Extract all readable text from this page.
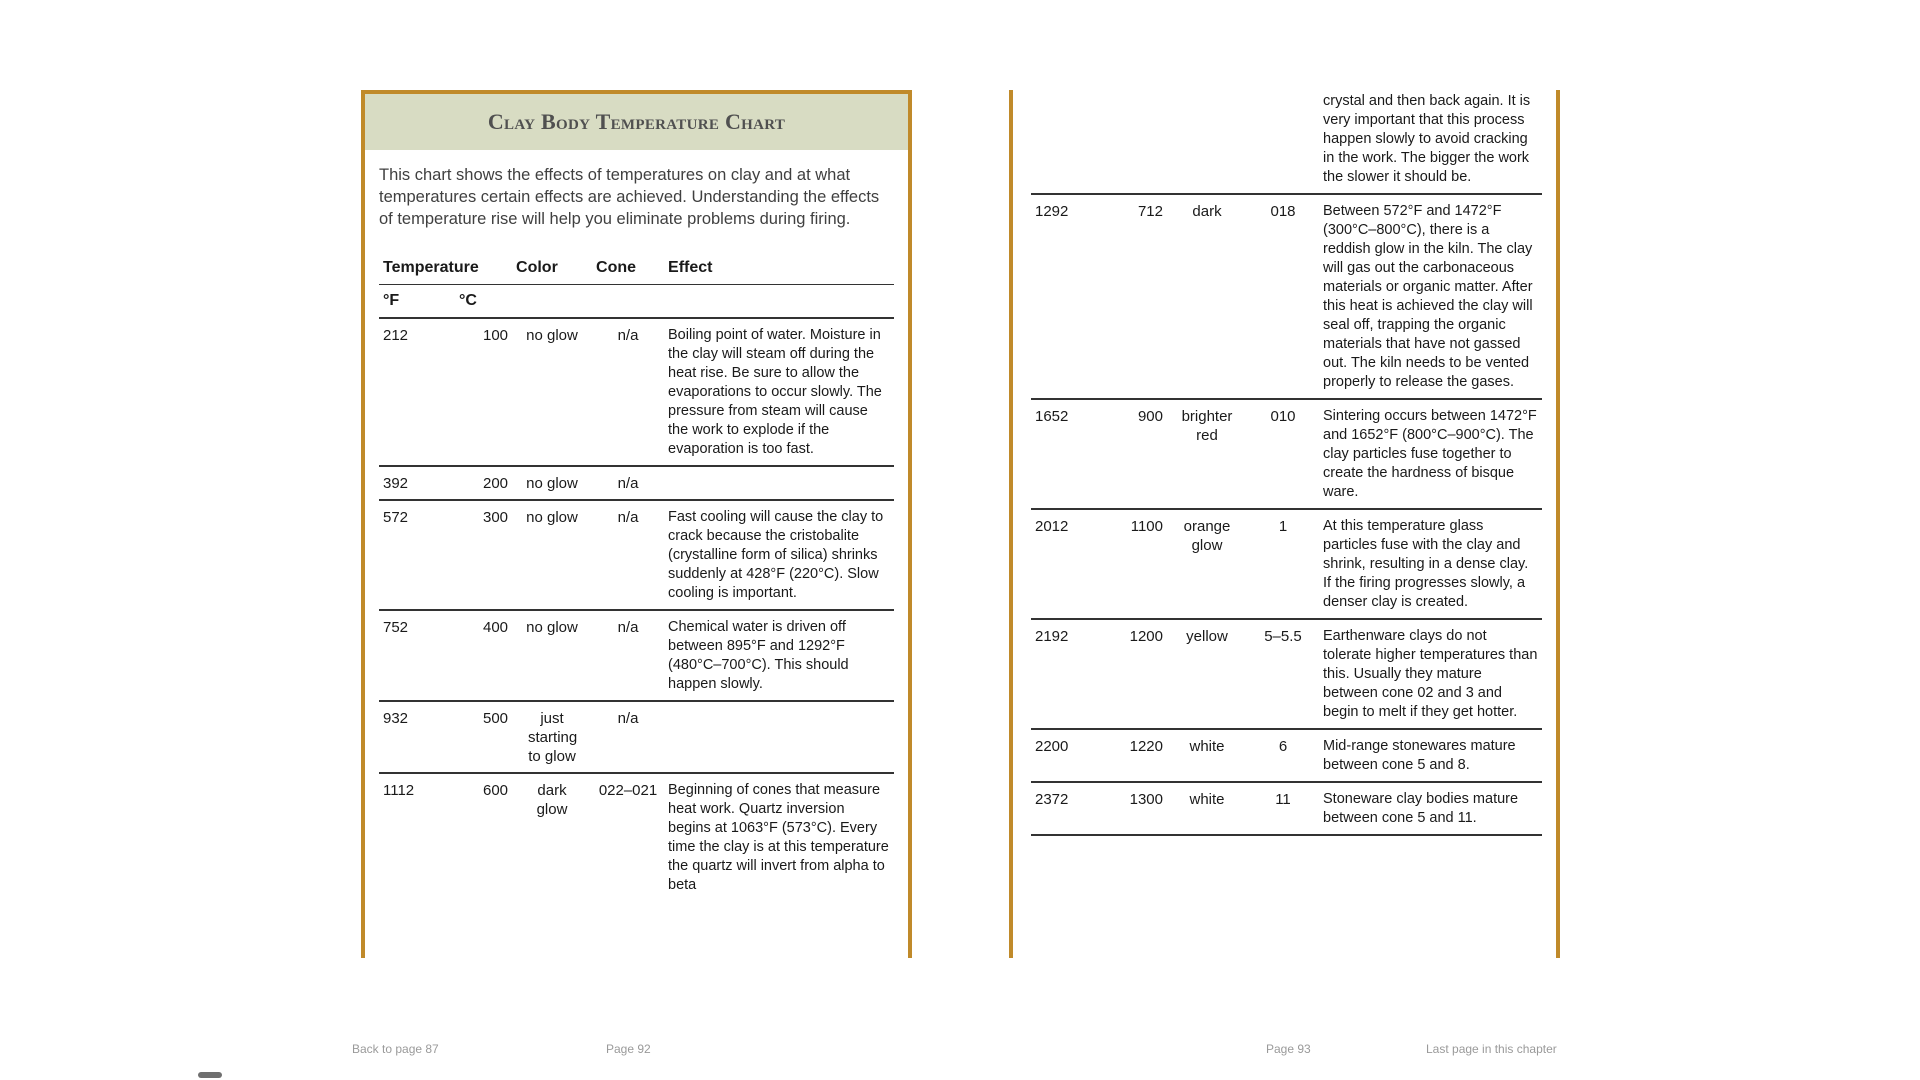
Clay Body Temperature Chart

This chart shows the effects of temperatures on clay and at what temperatures certain effects are achieved. Understanding the effects of temperature rise will help you eliminate problems during firing.

Temperature		Color	Cone	Effect
°F	°C			
212	100	no glow	n/a	Boiling point of water. Moisture in the clay will steam off during the heat rise. Be sure to allow the evaporations to occur slowly. The pressure from steam will cause the work to explode if the evaporation is too fast.
392	200	no glow	n/a	
572	300	no glow	n/a	Fast cooling will cause the clay to crack because the cristobalite (crystalline form of silica) shrinks suddenly at 428°F (220°C). Slow cooling is important.
752	400	no glow	n/a	Chemical water is driven off between 895°F and 1292°F (480°C–700°C). This should happen slowly.
932	500	just starting to glow	n/a	
1112	600	dark glow	022–021	Beginning of cones that measure heat work. Quartz inversion begins at 1063°F (573°C). Every time the clay is at this temperature the quartz will invert from alpha to beta
				crystal and then back again. It is very important that this process happen slowly to avoid cracking in the work. The bigger the work the slower it should be.
1292	712	dark	018	Between 572°F and 1472°F (300°C–800°C), there is a reddish glow in the kiln. The clay will gas out the carbonaceous materials or organic matter. After this heat is achieved the clay will seal off, trapping the organic materials that have not gassed out. The kiln needs to be vented properly to release the gases.
1652	900	brighter red	010	Sintering occurs between 1472°F and 1652°F (800°C–900°C). The clay particles fuse together to create the hardness of bisque ware.
2012	1100	orange glow	1	At this temperature glass particles fuse with the clay and shrink, resulting in a dense clay. If the firing progresses slowly, a denser clay is created.
2192	1200	yellow	5–5.5	Earthenware clays do not tolerate higher temperatures than this. Usually they mature between cone 02 and 3 and begin to melt if they get hotter.
2200	1220	white	6	Mid-range stonewares mature between cone 5 and 8.
2372	1300	white	11	Stoneware clay bodies mature between cone 5 and 11.
Back to page 87	Page 92	Page 93	Last page in this chapter
